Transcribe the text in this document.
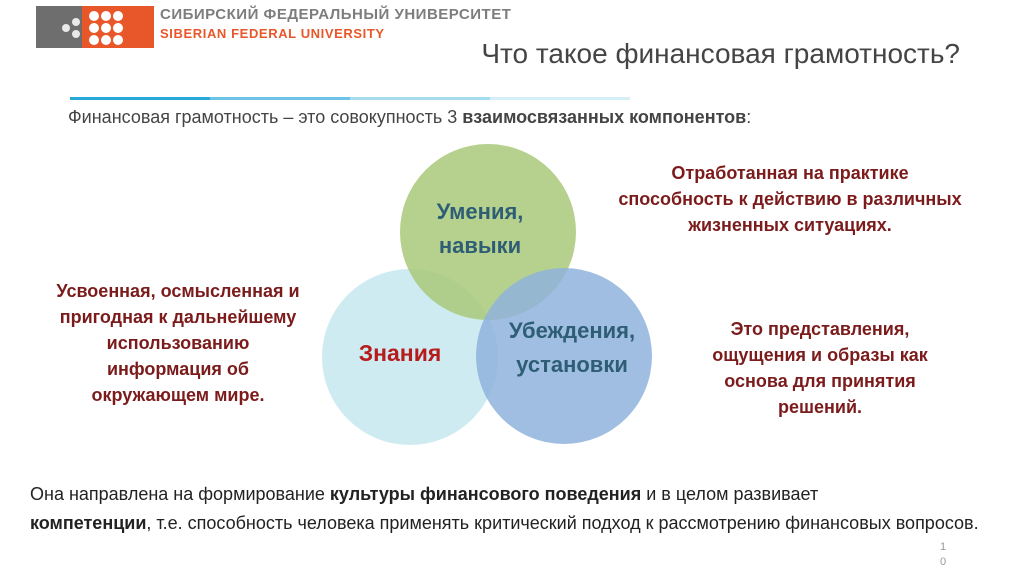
СИБИРСКИЙ ФЕДЕРАЛЬНЫЙ УНИВЕРСИТЕТ
SIBERIAN FEDERAL UNIVERSITY
Что такое финансовая грамотность?
Финансовая грамотность – это совокупность 3 взаимосвязанных компонентов:
Умения,
навыки
Знания
Убеждения,
установки
Отработанная на практике
способность к действию в различных
жизненных ситуациях.
Усвоенная, осмысленная и
пригодная к дальнейшему
использованию
информация об
окружающем мире.
Это представления,
ощущения и образы как
основа для принятия
решений.
Она направлена на формирование культуры финансового поведения и в целом развивает
компетенции, т.е. способность человека применять критический подход к рассмотрению финансовых вопросов.
1
0
